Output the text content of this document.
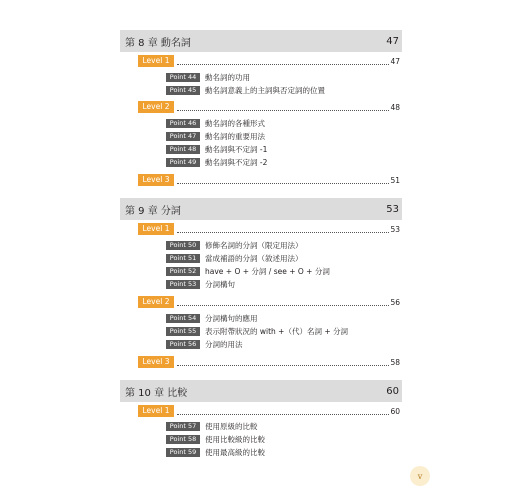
第 8 章 動名詞	47
Level 1	47
Point 44	動名詞的功用
Point 45	動名詞意義上的主詞與否定詞的位置
Level 2	48
Point 46	動名詞的各種形式
Point 47	動名詞的重要用法
Point 48	動名詞與不定詞 -1
Point 49	動名詞與不定詞 -2
Level 3	51
第 9 章 分詞	53
Level 1	53
Point 50	修飾名詞的分詞（限定用法）
Point 51	當成補語的分詞（敘述用法）
Point 52	have + O + 分詞 / see + O + 分詞
Point 53	分詞構句
Level 2	56
Point 54	分詞構句的應用
Point 55	表示附帶狀況的 with +（代）名詞 + 分詞
Point 56	分詞的用法
Level 3	58
第 10 章 比較	60
Level 1	60
Point 57	使用原級的比較
Point 58	使用比較級的比較
Point 59	使用最高級的比較
v
